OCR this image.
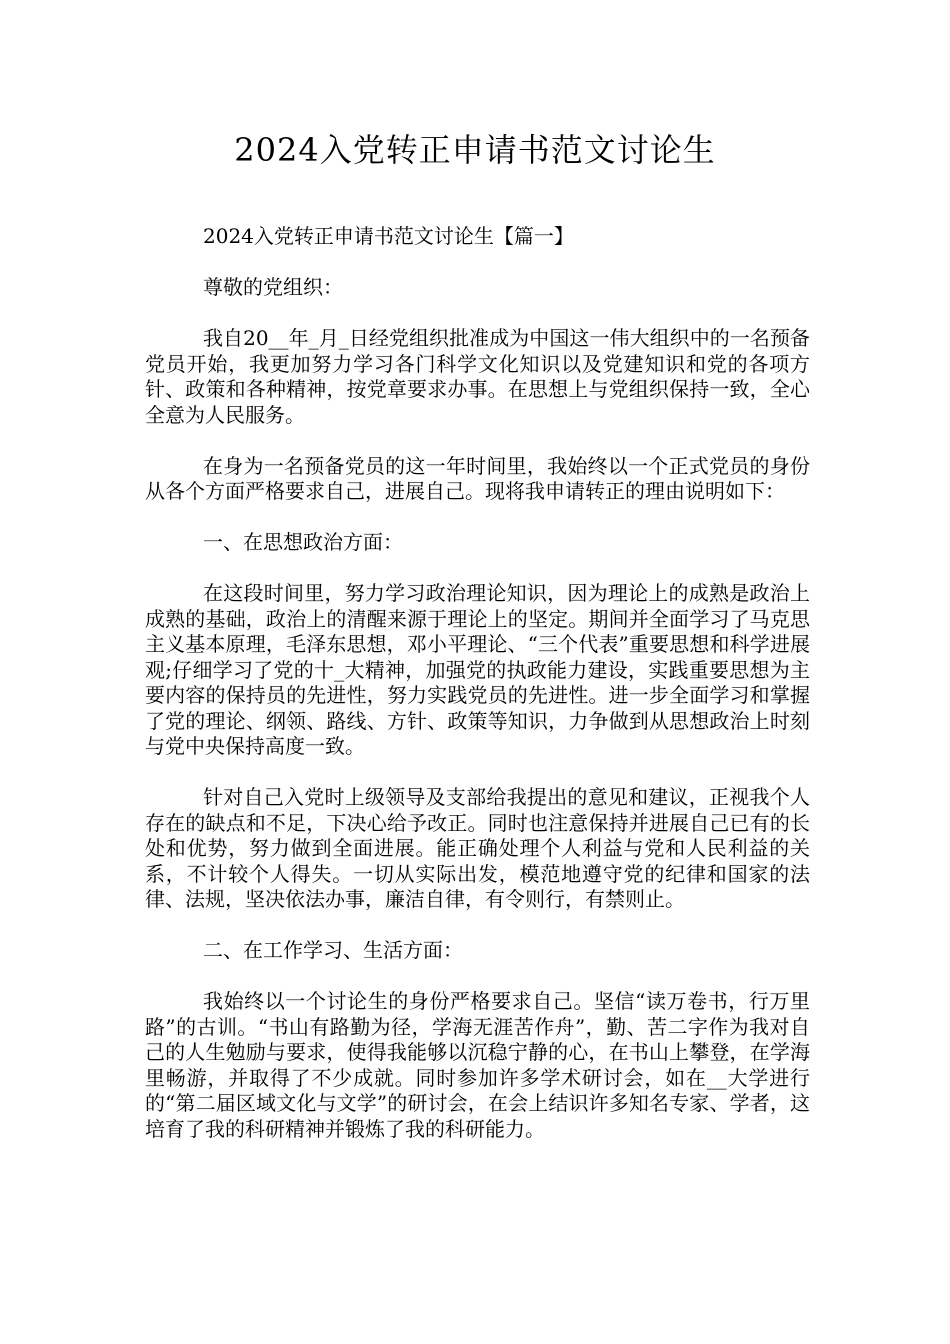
2024入党转正申请书范文讨论生

2024入党转正申请书范文讨论生【篇一】

尊敬的党组织：

我自20__年_月_日经党组织批准成为中国这一伟大组织中的一名预备党员开始，我更加努力学习各门科学文化知识以及党建知识和党的各项方针、政策和各种精神，按党章要求办事。在思想上与党组织保持一致，全心全意为人民服务。

在身为一名预备党员的这一年时间里，我始终以一个正式党员的身份从各个方面严格要求自己，进展自己。现将我申请转正的理由说明如下：

一、在思想政治方面：

在这段时间里，努力学习政治理论知识，因为理论上的成熟是政治上成熟的基础，政治上的清醒来源于理论上的坚定。期间并全面学习了马克思主义基本原理，毛泽东思想，邓小平理论、“三个代表”重要思想和科学进展观;仔细学习了党的十_大精神，加强党的执政能力建设，实践重要思想为主要内容的保持员的先进性，努力实践党员的先进性。进一步全面学习和掌握了党的理论、纲领、路线、方针、政策等知识，力争做到从思想政治上时刻与党中央保持高度一致。

针对自己入党时上级领导及支部给我提出的意见和建议，正视我个人存在的缺点和不足，下决心给予改正。同时也注意保持并进展自己已有的长处和优势，努力做到全面进展。能正确处理个人利益与党和人民利益的关系，不计较个人得失。一切从实际出发，模范地遵守党的纪律和国家的法律、法规，坚决依法办事，廉洁自律，有令则行，有禁则止。

二、在工作学习、生活方面：

我始终以一个讨论生的身份严格要求自己。坚信“读万卷书，行万里路”的古训。“书山有路勤为径，学海无涯苦作舟”，勤、苦二字作为我对自己的人生勉励与要求，使得我能够以沉稳宁静的心，在书山上攀登，在学海里畅游，并取得了不少成就。同时参加许多学术研讨会，如在__大学进行的“第二届区域文化与文学”的研讨会，在会上结识许多知名专家、学者，这培育了我的科研精神并锻炼了我的科研能力。
